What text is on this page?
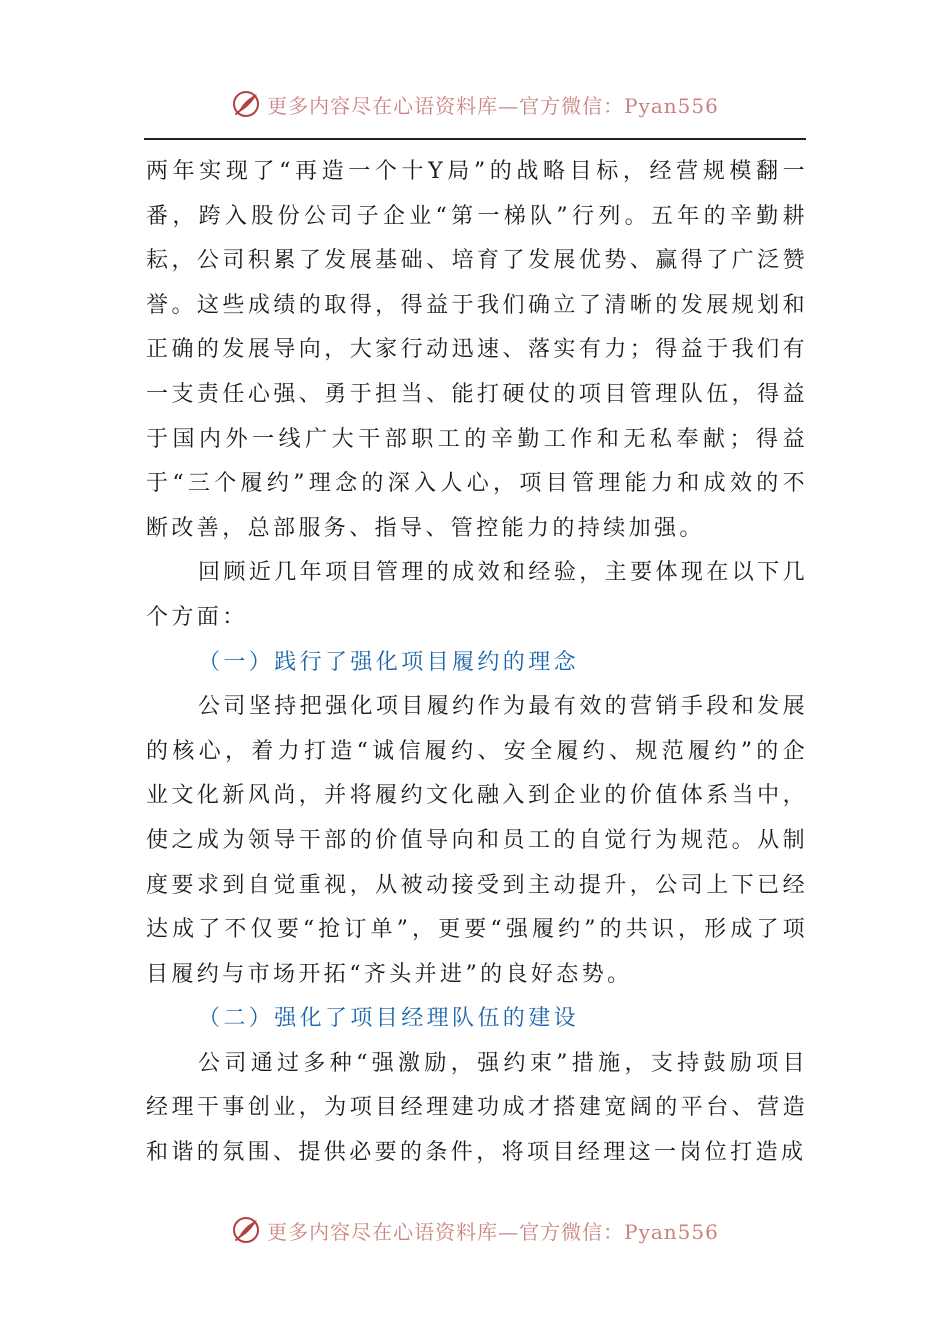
更多内容尽在心语资料库—官方微信：Pyan556

两年实现了“再造一个十Y局”的战略目标，经营规模翻一番，跨入股份公司子企业“第一梯队”行列。五年的辛勤耕耘，公司积累了发展基础、培育了发展优势、赢得了广泛赞誉。这些成绩的取得，得益于我们确立了清晰的发展规划和正确的发展导向，大家行动迅速、落实有力；得益于我们有一支责任心强、勇于担当、能打硬仗的项目管理队伍，得益于国内外一线广大干部职工的辛勤工作和无私奉献；得益于“三个履约”理念的深入人心，项目管理能力和成效的不断改善，总部服务、指导、管控能力的持续加强。

回顾近几年项目管理的成效和经验，主要体现在以下几个方面：

（一）践行了强化项目履约的理念

公司坚持把强化项目履约作为最有效的营销手段和发展的核心，着力打造“诚信履约、安全履约、规范履约”的企业文化新风尚，并将履约文化融入到企业的价值体系当中，使之成为领导干部的价值导向和员工的自觉行为规范。从制度要求到自觉重视，从被动接受到主动提升，公司上下已经达成了不仅要“抢订单”，更要“强履约”的共识，形成了项目履约与市场开拓“齐头并进”的良好态势。

（二）强化了项目经理队伍的建设

公司通过多种“强激励，强约束”措施，支持鼓励项目经理干事创业，为项目经理建功成才搭建宽阔的平台、营造和谐的氛围、提供必要的条件，将项目经理这一岗位打造成

更多内容尽在心语资料库—官方微信：Pyan556
